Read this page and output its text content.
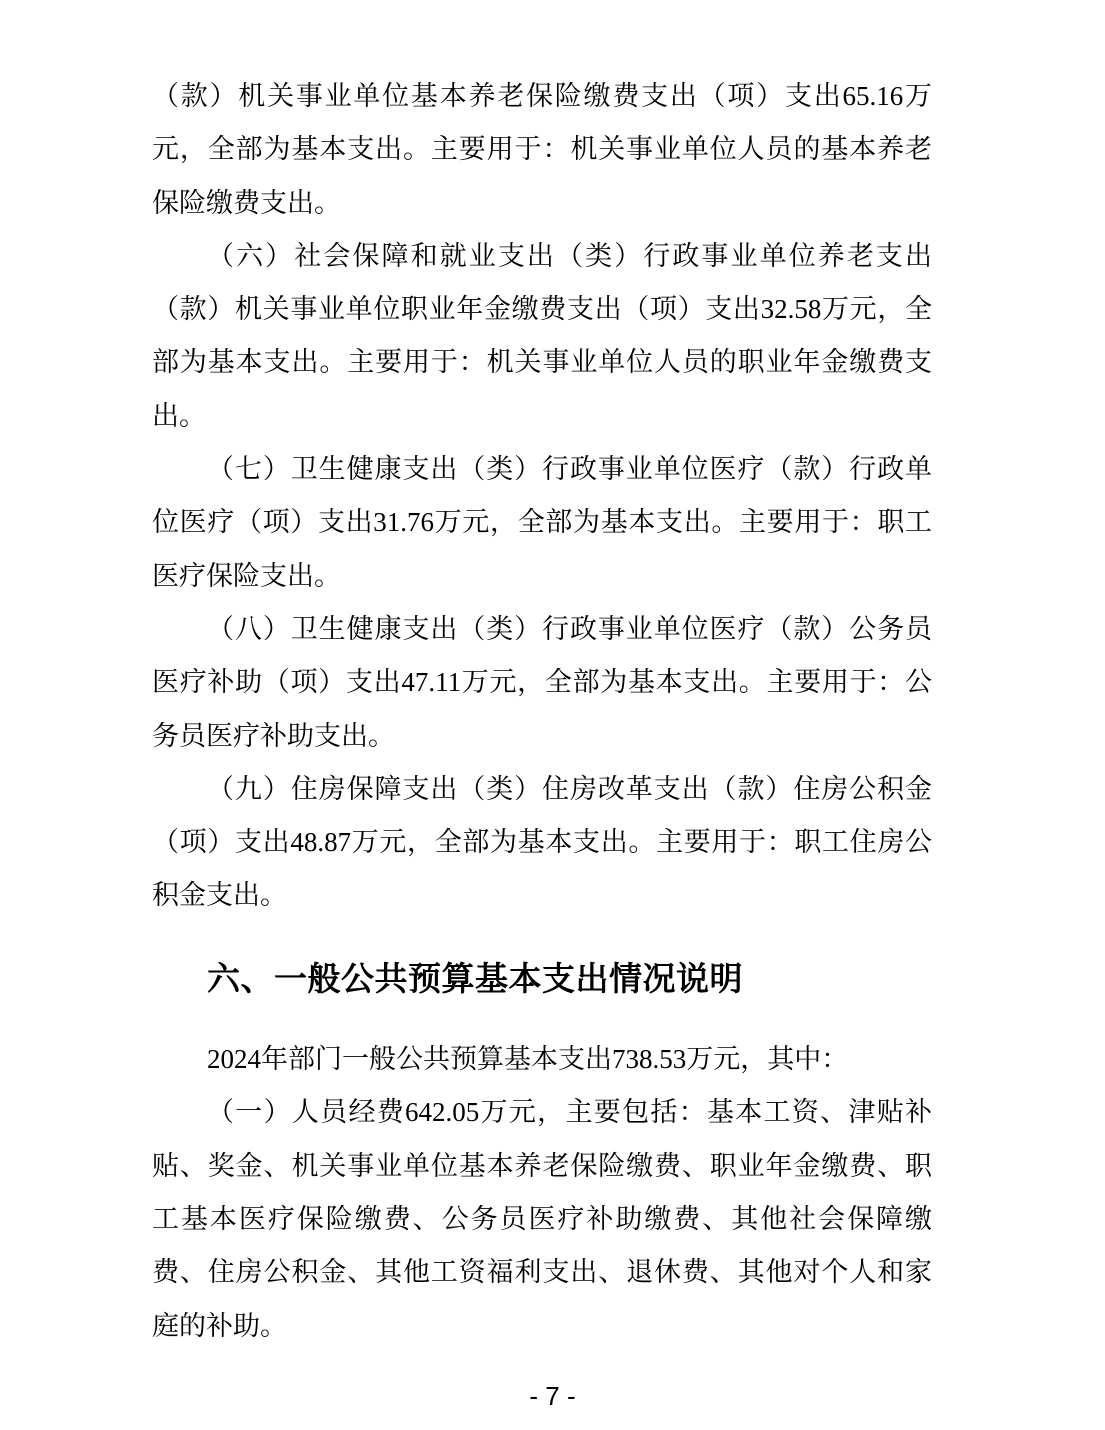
（款）机关事业单位基本养老保险缴费支出（项）支出65.16万
元，全部为基本支出。主要用于：机关事业单位人员的基本养老
保险缴费支出。
（六）社会保障和就业支出（类）行政事业单位养老支出
（款）机关事业单位职业年金缴费支出（项）支出32.58万元，全
部为基本支出。主要用于：机关事业单位人员的职业年金缴费支
出。
（七）卫生健康支出（类）行政事业单位医疗（款）行政单
位医疗（项）支出31.76万元，全部为基本支出。主要用于：职工
医疗保险支出。
（八）卫生健康支出（类）行政事业单位医疗（款）公务员
医疗补助（项）支出47.11万元，全部为基本支出。主要用于：公
务员医疗补助支出。
（九）住房保障支出（类）住房改革支出（款）住房公积金
（项）支出48.87万元，全部为基本支出。主要用于：职工住房公
积金支出。
六、一般公共预算基本支出情况说明
2024年部门一般公共预算基本支出738.53万元，其中：
（一）人员经费642.05万元，主要包括：基本工资、津贴补
贴、奖金、机关事业单位基本养老保险缴费、职业年金缴费、职
工基本医疗保险缴费、公务员医疗补助缴费、其他社会保障缴
费、住房公积金、其他工资福利支出、退休费、其他对个人和家
庭的补助。
- 7 -
